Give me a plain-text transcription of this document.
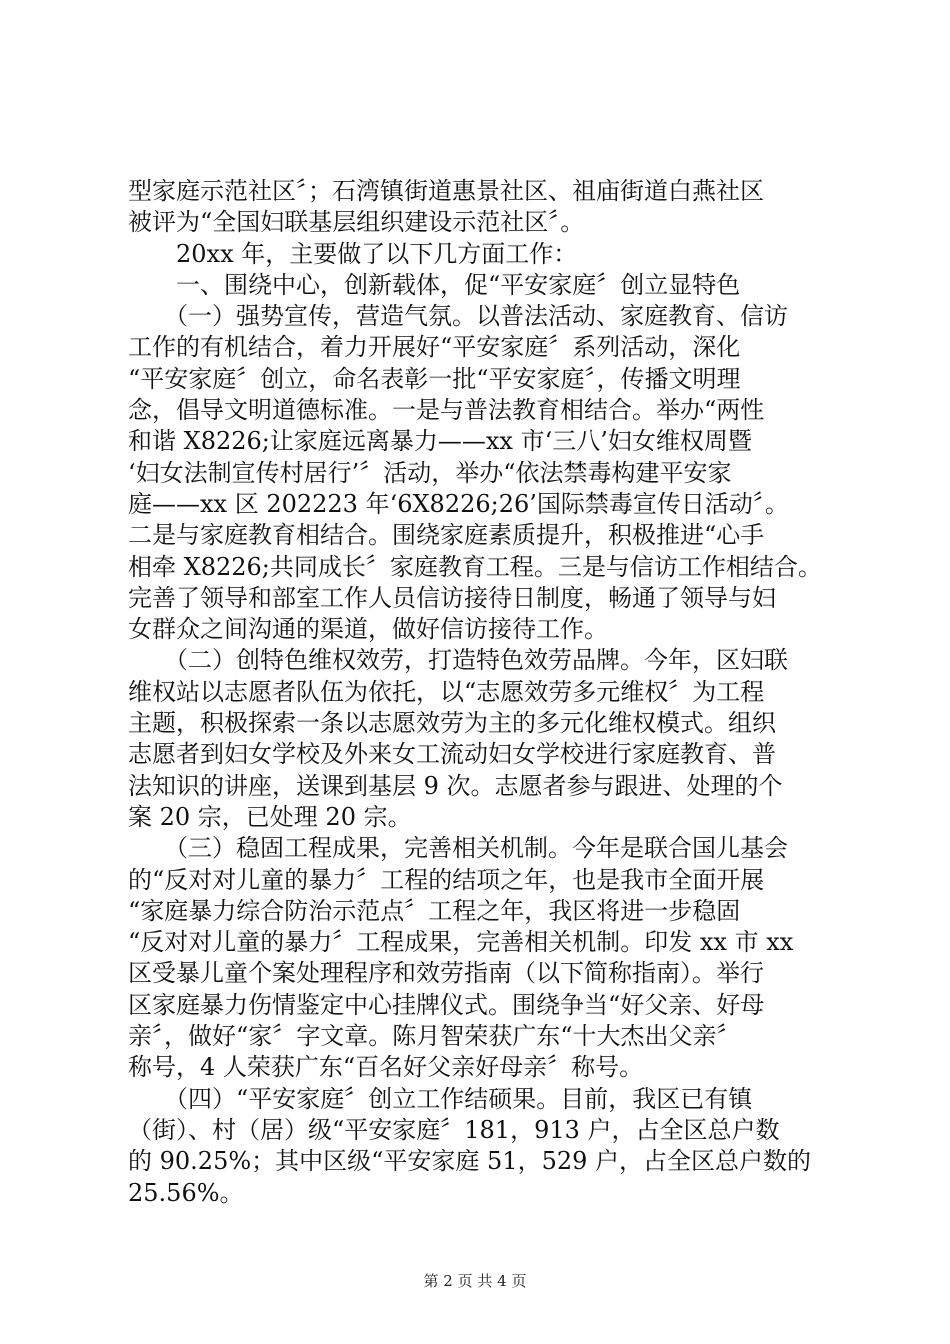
型家庭示范社区〞；石湾镇街道惠景社区、祖庙街道白燕社区
被评为“全国妇联基层组织建设示范社区〞。
　　20xx 年，主要做了以下几方面工作：
　　一、围绕中心，创新载体，促“平安家庭〞创立显特色
　　（一）强势宣传，营造气氛。以普法活动、家庭教育、信访
工作的有机结合，着力开展好“平安家庭〞系列活动，深化
“平安家庭〞创立，命名表彰一批“平安家庭〞，传播文明理
念，倡导文明道德标准。一是与普法教育相结合。举办“两性
和谐 X8226;让家庭远离暴力——xx 市‘三八’妇女维权周暨
‘妇女法制宣传村居行’〞活动，举办“依法禁毒构建平安家
庭——xx 区 202223 年‘6X8226;26’国际禁毒宣传日活动〞。
二是与家庭教育相结合。围绕家庭素质提升，积极推进“心手
相牵 X8226;共同成长〞家庭教育工程。三是与信访工作相结合。
完善了领导和部室工作人员信访接待日制度，畅通了领导与妇
女群众之间沟通的渠道，做好信访接待工作。
　　（二）创特色维权效劳，打造特色效劳品牌。今年，区妇联
维权站以志愿者队伍为依托，以“志愿效劳多元维权〞为工程
主题，积极探索一条以志愿效劳为主的多元化维权模式。组织
志愿者到妇女学校及外来女工流动妇女学校进行家庭教育、普
法知识的讲座，送课到基层 9 次。志愿者参与跟进、处理的个
案 20 宗，已处理 20 宗。
　　（三）稳固工程成果，完善相关机制。今年是联合国儿基会
的“反对对儿童的暴力〞工程的结项之年，也是我市全面开展
“家庭暴力综合防治示范点〞工程之年，我区将进一步稳固
“反对对儿童的暴力〞工程成果，完善相关机制。印发 xx 市 xx
区受暴儿童个案处理程序和效劳指南（以下简称指南）。举行
区家庭暴力伤情鉴定中心挂牌仪式。围绕争当“好父亲、好母
亲〞，做好“家〞字文章。陈月智荣获广东“十大杰出父亲〞
称号，4 人荣获广东“百名好父亲好母亲〞称号。
　　（四）“平安家庭〞创立工作结硕果。目前，我区已有镇
（街）、村（居）级“平安家庭〞181，913 户，占全区总户数
的 90.25%；其中区级“平安家庭 51，529 户，占全区总户数的
25.56%。
第 2 页 共 4 页
